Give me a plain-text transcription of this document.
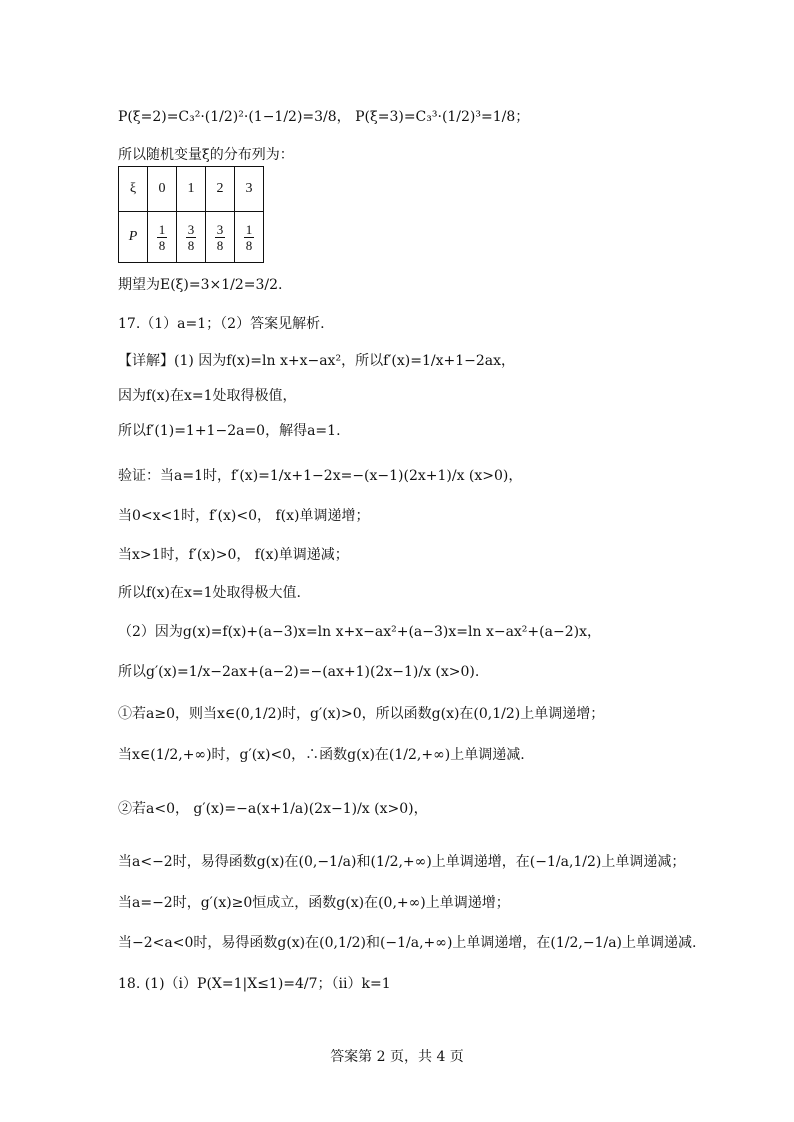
P(ξ=2)=C₃²·(1/2)²·(1−1/2)=3/8， P(ξ=3)=C₃³·(1/2)³=1/8；
所以随机变量ξ的分布列为：
ξ	0	1	2	3
P	$\frac{1}{8}$	$\frac{3}{8}$	$\frac{3}{8}$	$\frac{1}{8}$
期望为E(ξ)=3×1/2=3/2.
17.（1）a=1；（2）答案见解析.
【详解】(1) 因为f(x)=ln x+x−ax²，所以f′(x)=1/x+1−2ax，
因为f(x)在x=1处取得极值，
所以f′(1)=1+1−2a=0，解得a=1.
验证：当a=1时，f′(x)=1/x+1−2x=−(x−1)(2x+1)/x (x>0)，
当0<x<1时，f′(x)<0， f(x)单调递增；
当x>1时，f′(x)>0， f(x)单调递减；
所以f(x)在x=1处取得极大值.
（2）因为g(x)=f(x)+(a−3)x=ln x+x−ax²+(a−3)x=ln x−ax²+(a−2)x，
所以g′(x)=1/x−2ax+(a−2)=−(ax+1)(2x−1)/x (x>0).
①若a≥0，则当x∈(0,1/2)时，g′(x)>0，所以函数g(x)在(0,1/2)上单调递增；
当x∈(1/2,+∞)时，g′(x)<0，∴函数g(x)在(1/2,+∞)上单调递减.
②若a<0， g′(x)=−a(x+1/a)(2x−1)/x (x>0)，
当a<−2时，易得函数g(x)在(0,−1/a)和(1/2,+∞)上单调递增，在(−1/a,1/2)上单调递减；
当a=−2时，g′(x)≥0恒成立，函数g(x)在(0,+∞)上单调递增；
当−2<a<0时，易得函数g(x)在(0,1/2)和(−1/a,+∞)上单调递增，在(1/2,−1/a)上单调递减.
18. (1)（i）P(X=1|X≤1)=4/7；（ii）k=1
答案第 2 页，共 4 页
